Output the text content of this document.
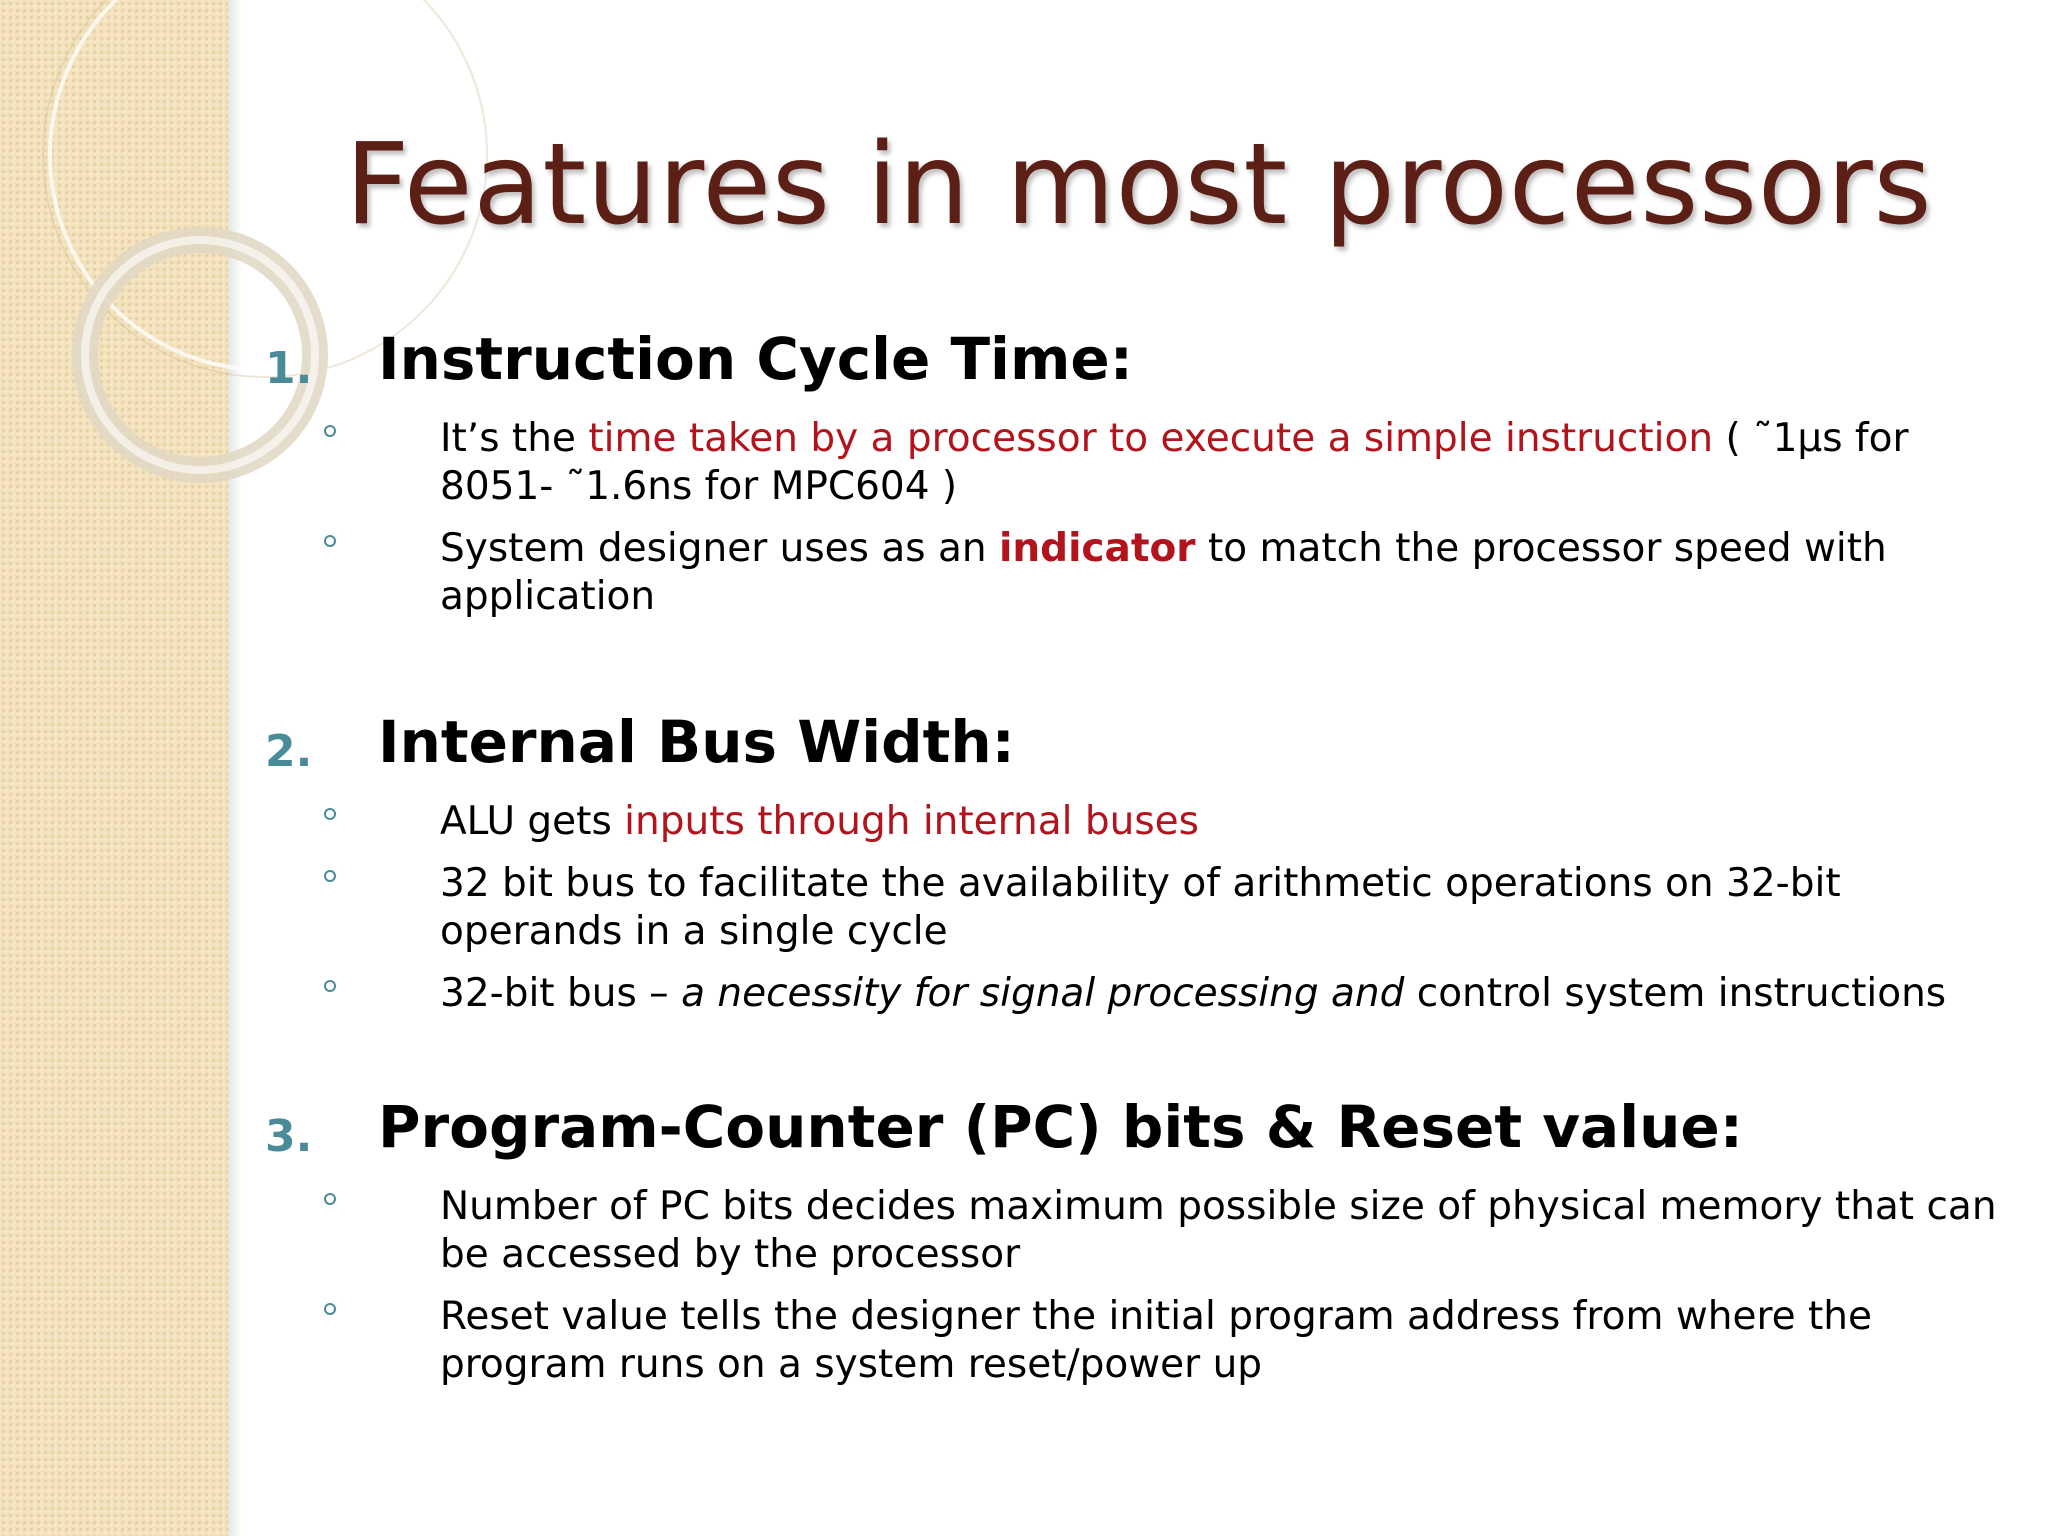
Features in most processors
1. Instruction Cycle Time:

It’s the time taken by a processor to execute a simple instruction ( ˜1μs for 8051- ˜1.6ns for MPC604 )

System designer uses as an indicator to match the processor speed with application

2. Internal Bus Width:

ALU gets inputs through internal buses

32 bit bus to facilitate the availability of arithmetic operations on 32-bit operands in a single cycle

32-bit bus – a necessity for signal processing and control system instructions

3. Program-Counter (PC) bits & Reset value:

Number of PC bits decides maximum possible size of physical memory that can be accessed by the processor

Reset value tells the designer the initial program address from where the program runs on a system reset/power up
